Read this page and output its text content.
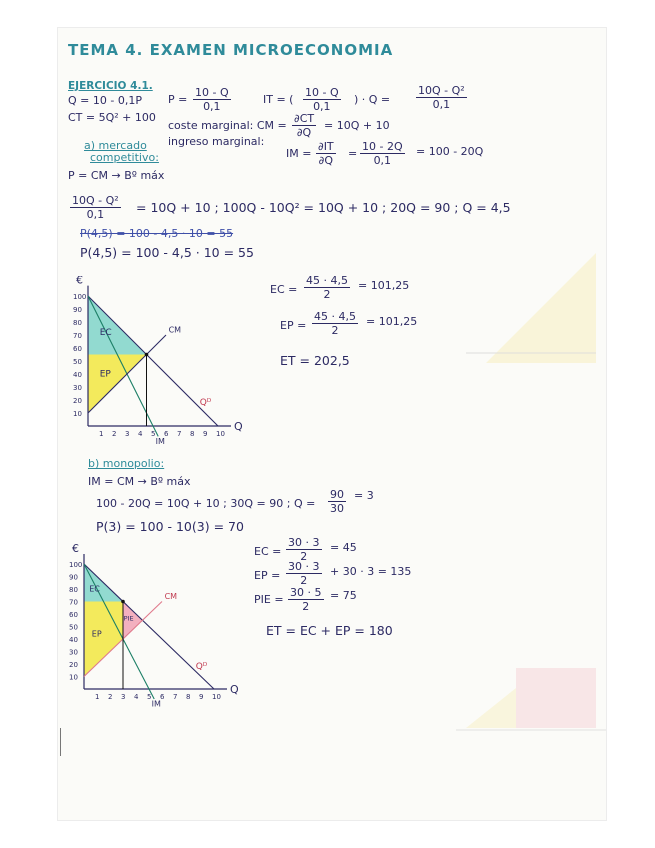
TEMA 4. EXAMEN MICROECONOMIA
EJERCICIO 4.1.
Q = 10 - 0,1P
CT = 5Q² + 100
$P = \frac{10 - Q}{0,1}$	IT = ( $\frac{10 - Q}{0,1}$ ) · $Q = \frac{\text{10Q - Q²}}{0,1}$
coste marginal: CM = $\frac{\partial CT}{\partial Q} = 10Q + 10$
ingreso marginal:
IM = $\frac{\partial IT}{\partial Q} = \frac{10 - 2Q}{0,1} = 100 - 20Q$
a) mercado
competitivo:
P = CM → Bº máx
$\frac{\text{10Q - Q²}}{0,1} = 10Q + 10$ ; 100Q - 10Q² = 10Q + 10 ; 20Q = 90 ; Q = 4,5
P(4,5) = 100 - 4,5 · 10 = 55
P(4,5) = 100 - 4,5 · 10 = 55
EC = $\frac{45 \cdot 4,5}{2} = 101,25$
EP = $\frac{45 \cdot 4,5}{2} = 101,25$
ET = 202,5
€
Q
100
90
80
70
60
50
40
30
20
10
1 2 3 4 5 6 7 8 9 10
Qᴰ
IM
CM
EC
EP
b) monopolio:
IM = CM → Bº máx
100 - 20Q = 10Q + 10 ; 30Q = 90 ; $Q = \frac{90}{30} = 3$
P(3) = 100 - 10(3) = 70
EC = $\frac{30 \cdot 3}{2} = 45$
EP = $\frac{30 \cdot 3}{2} + 30 \cdot 3 = 135$
PIE = $\frac{30 \cdot 5}{2} = 75$
ET = EC + EP = 180
€
Q
100
90
80
70
60
50
40
30
20
10
1 2 3 4 5 6 7 8 9 10
Qᴰ
IM
CM
EC
EP
PIE
